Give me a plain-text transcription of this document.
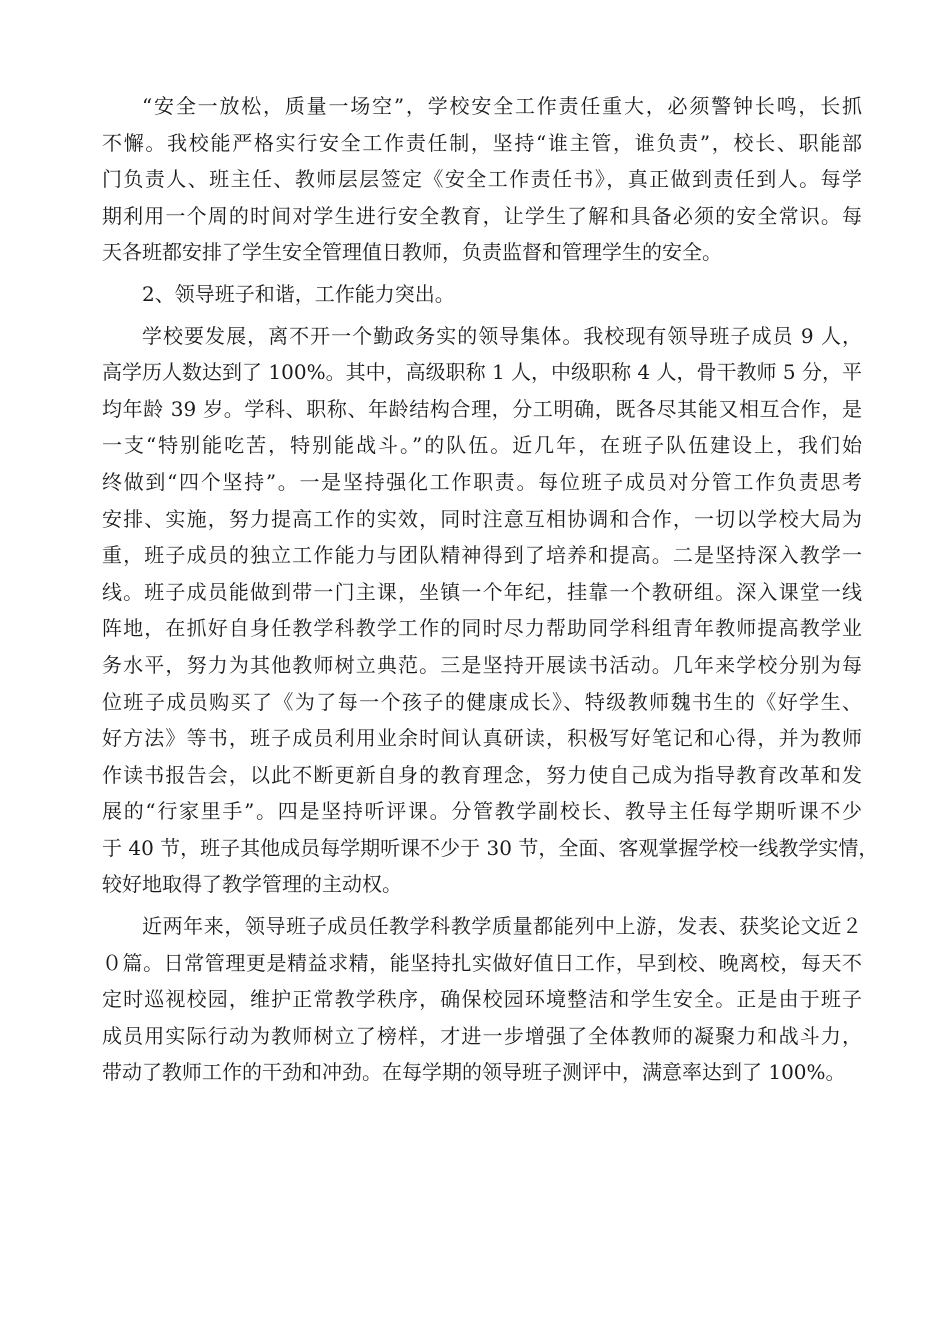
“安全一放松，质量一场空”，学校安全工作责任重大，必须警钟长鸣，长抓
不懈。我校能严格实行安全工作责任制，坚持“谁主管，谁负责”，校长、职能部
门负责人、班主任、教师层层签定《安全工作责任书》，真正做到责任到人。每学
期利用一个周的时间对学生进行安全教育，让学生了解和具备必须的安全常识。每
天各班都安排了学生安全管理值日教师，负责监督和管理学生的安全。
2、领导班子和谐，工作能力突出。
学校要发展，离不开一个勤政务实的领导集体。我校现有领导班子成员 9 人，
高学历人数达到了 100%。其中，高级职称 1 人，中级职称 4 人，骨干教师 5 分，平
均年龄 39 岁。学科、职称、年龄结构合理，分工明确，既各尽其能又相互合作，是
一支“特别能吃苦，特别能战斗。”的队伍。近几年，在班子队伍建设上，我们始
终做到“四个坚持”。一是坚持强化工作职责。每位班子成员对分管工作负责思考
安排、实施，努力提高工作的实效，同时注意互相协调和合作，一切以学校大局为
重，班子成员的独立工作能力与团队精神得到了培养和提高。二是坚持深入教学一
线。班子成员能做到带一门主课，坐镇一个年纪，挂靠一个教研组。深入课堂一线
阵地，在抓好自身任教学科教学工作的同时尽力帮助同学科组青年教师提高教学业
务水平，努力为其他教师树立典范。三是坚持开展读书活动。几年来学校分别为每
位班子成员购买了《为了每一个孩子的健康成长》、特级教师魏书生的《好学生、
好方法》等书，班子成员利用业余时间认真研读，积极写好笔记和心得，并为教师
作读书报告会，以此不断更新自身的教育理念，努力使自己成为指导教育改革和发
展的“行家里手”。四是坚持听评课。分管教学副校长、教导主任每学期听课不少
于 40 节，班子其他成员每学期听课不少于 30 节，全面、客观掌握学校一线教学实情，
较好地取得了教学管理的主动权。
近两年来，领导班子成员任教学科教学质量都能列中上游，发表、获奖论文近２
０篇。日常管理更是精益求精，能坚持扎实做好值日工作，早到校、晚离校，每天不
定时巡视校园，维护正常教学秩序，确保校园环境整洁和学生安全。正是由于班子
成员用实际行动为教师树立了榜样，才进一步增强了全体教师的凝聚力和战斗力，
带动了教师工作的干劲和冲劲。在每学期的领导班子测评中，满意率达到了 100%。
